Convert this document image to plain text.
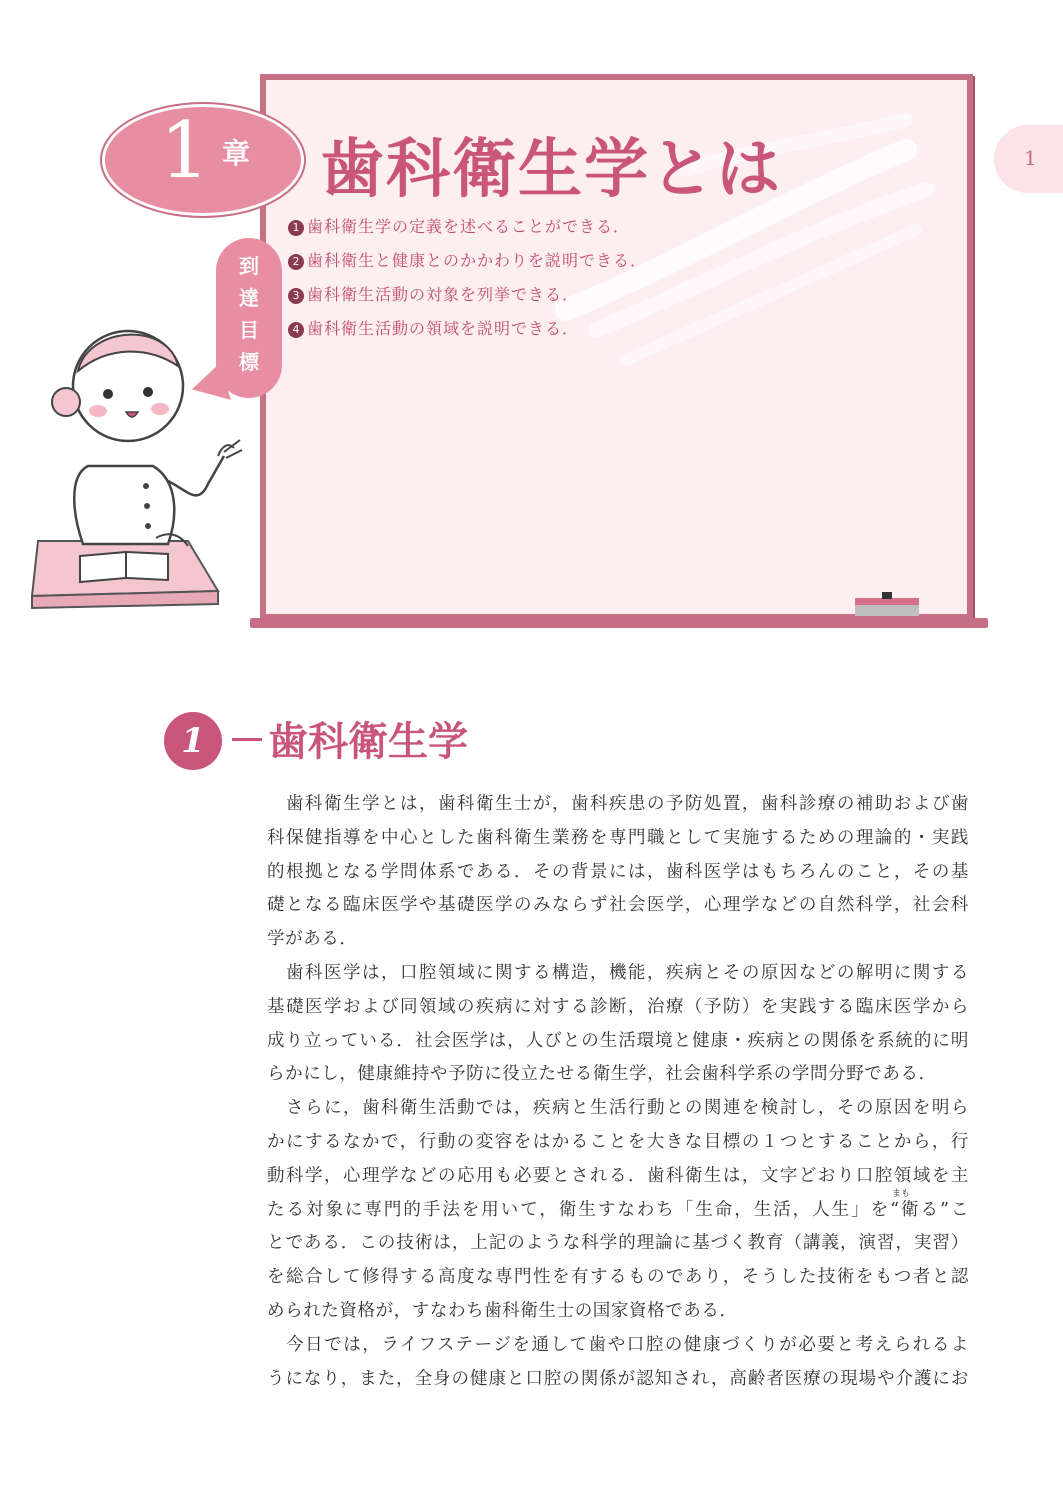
1
1 章 歯科衛生学とは
到
達
目
標
1 歯科衛生学の定義を述べることができる．
2 歯科衛生と健康とのかかわりを説明できる．
3 歯科衛生活動の対象を列挙できる．
4 歯科衛生活動の領域を説明できる．
1	歯科衛生学
まも
　歯科衛生学とは，歯科衛生士が，歯科疾患の予防処置，歯科診療の補助および歯
科保健指導を中心とした歯科衛生業務を専門職として実施するための理論的・実践
的根拠となる学問体系である．その背景には，歯科医学はもちろんのこと，その基
礎となる臨床医学や基礎医学のみならず社会医学，心理学などの自然科学，社会科
学がある．
　歯科医学は，口腔領域に関する構造，機能，疾病とその原因などの解明に関する
基礎医学および同領域の疾病に対する診断，治療（予防）を実践する臨床医学から
成り立っている．社会医学は，人びとの生活環境と健康・疾病との関係を系統的に明
らかにし，健康維持や予防に役立たせる衛生学，社会歯科学系の学問分野である．
　さらに，歯科衛生活動では，疾病と生活行動との関連を検討し，その原因を明ら
かにするなかで，行動の変容をはかることを大きな目標の１つとすることから，行
動科学，心理学などの応用も必要とされる．歯科衛生は，文字どおり口腔領域を主
たる対象に専門的手法を用いて，衛生すなわち「生命，生活，人生」を“衛る”こ
とである．この技術は，上記のような科学的理論に基づく教育（講義，演習，実習）
を総合して修得する高度な専門性を有するものであり，そうした技術をもつ者と認
められた資格が，すなわち歯科衛生士の国家資格である．
　今日では，ライフステージを通して歯や口腔の健康づくりが必要と考えられるよ
うになり，また，全身の健康と口腔の関係が認知され，高齢者医療の現場や介護にお
